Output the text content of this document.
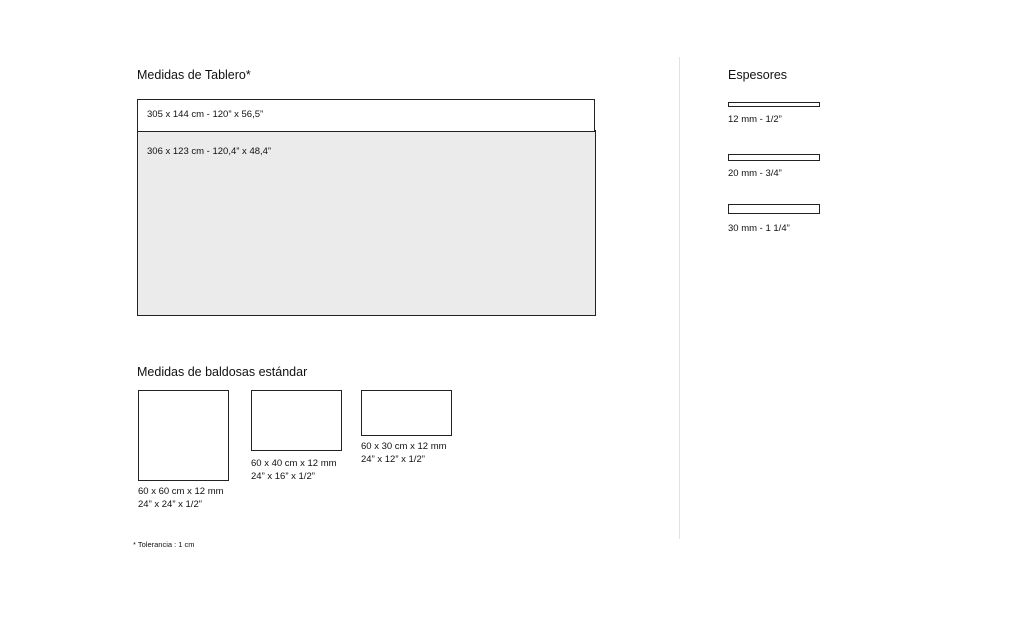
Medidas de Tablero*
306 x 123 cm - 120,4” x 48,4”
305 x 144 cm - 120” x 56,5”
Medidas de baldosas estándar
60 x 60 cm x 12 mm
24” x 24” x 1/2”
60 x 40 cm x 12 mm
24” x 16” x 1/2”
60 x 30 cm x 12 mm
24” x 12” x 1/2”
* Tolerancia : 1 cm
Espesores
12 mm - 1/2”
20 mm - 3/4”
30 mm - 1 1/4”
